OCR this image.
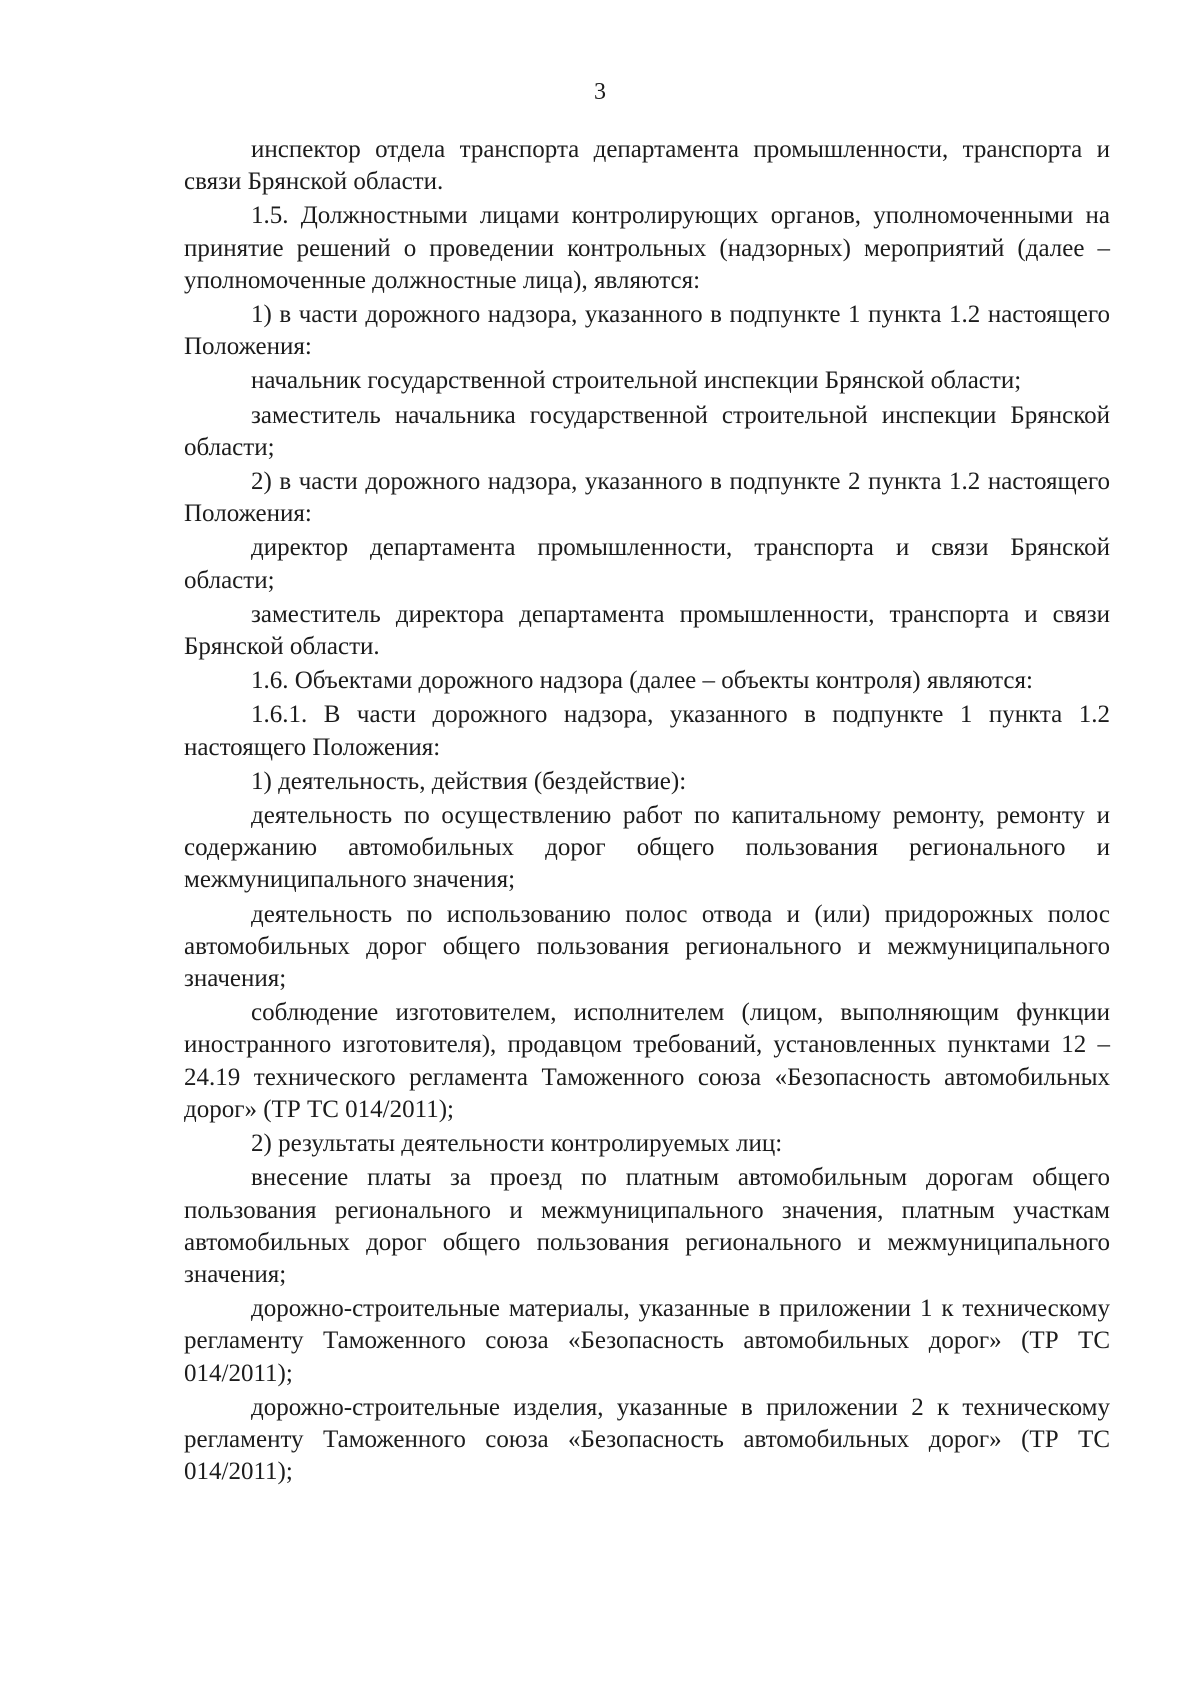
3

инспектор отдела транспорта департамента промышленности, транспорта и связи Брянской области.

1.5. Должностными лицами контролирующих органов, уполномоченными на принятие решений о проведении контрольных (надзорных) мероприятий (далее – уполномоченные должностные лица), являются:

1) в части дорожного надзора, указанного в подпункте 1 пункта 1.2 настоящего Положения:

начальник государственной строительной инспекции Брянской области;

заместитель начальника государственной строительной инспекции Брянской области;

2) в части дорожного надзора, указанного в подпункте 2 пункта 1.2 настоящего Положения:

директор департамента промышленности, транспорта и связи Брянской области;

заместитель директора департамента промышленности, транспорта и связи Брянской области.

1.6. Объектами дорожного надзора (далее – объекты контроля) являются:

1.6.1. В части дорожного надзора, указанного в подпункте 1 пункта 1.2 настоящего Положения:

1) деятельность, действия (бездействие):

деятельность по осуществлению работ по капитальному ремонту, ремонту и содержанию автомобильных дорог общего пользования регионального и межмуниципального значения;

деятельность по использованию полос отвода и (или) придорожных полос автомобильных дорог общего пользования регионального и межмуниципального значения;

соблюдение изготовителем, исполнителем (лицом, выполняющим функции иностранного изготовителя), продавцом требований, установленных пунктами 12 – 24.19 технического регламента Таможенного союза «Безопасность автомобильных дорог» (ТР ТС 014/2011);

2) результаты деятельности контролируемых лиц:

внесение платы за проезд по платным автомобильным дорогам общего пользования регионального и межмуниципального значения, платным участкам автомобильных дорог общего пользования регионального и межмуниципального значения;

дорожно-строительные материалы, указанные в приложении 1 к техническому регламенту Таможенного союза «Безопасность автомобильных дорог» (ТР ТС 014/2011);

дорожно-строительные изделия, указанные в приложении 2 к техническому регламенту Таможенного союза «Безопасность автомобильных дорог» (ТР ТС 014/2011);
